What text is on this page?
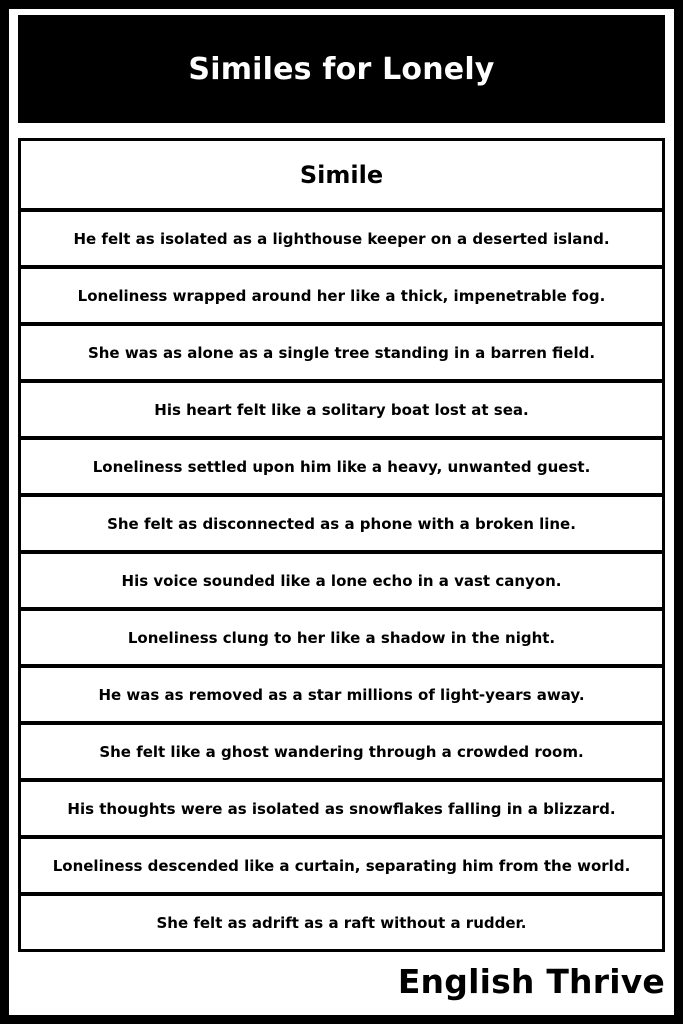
Similes for Lonely
Simile
He felt as isolated as a lighthouse keeper on a deserted island.
Loneliness wrapped around her like a thick, impenetrable fog.
She was as alone as a single tree standing in a barren field.
His heart felt like a solitary boat lost at sea.
Loneliness settled upon him like a heavy, unwanted guest.
She felt as disconnected as a phone with a broken line.
His voice sounded like a lone echo in a vast canyon.
Loneliness clung to her like a shadow in the night.
He was as removed as a star millions of light-years away.
She felt like a ghost wandering through a crowded room.
His thoughts were as isolated as snowflakes falling in a blizzard.
Loneliness descended like a curtain, separating him from the world.
She felt as adrift as a raft without a rudder.
English Thrive
